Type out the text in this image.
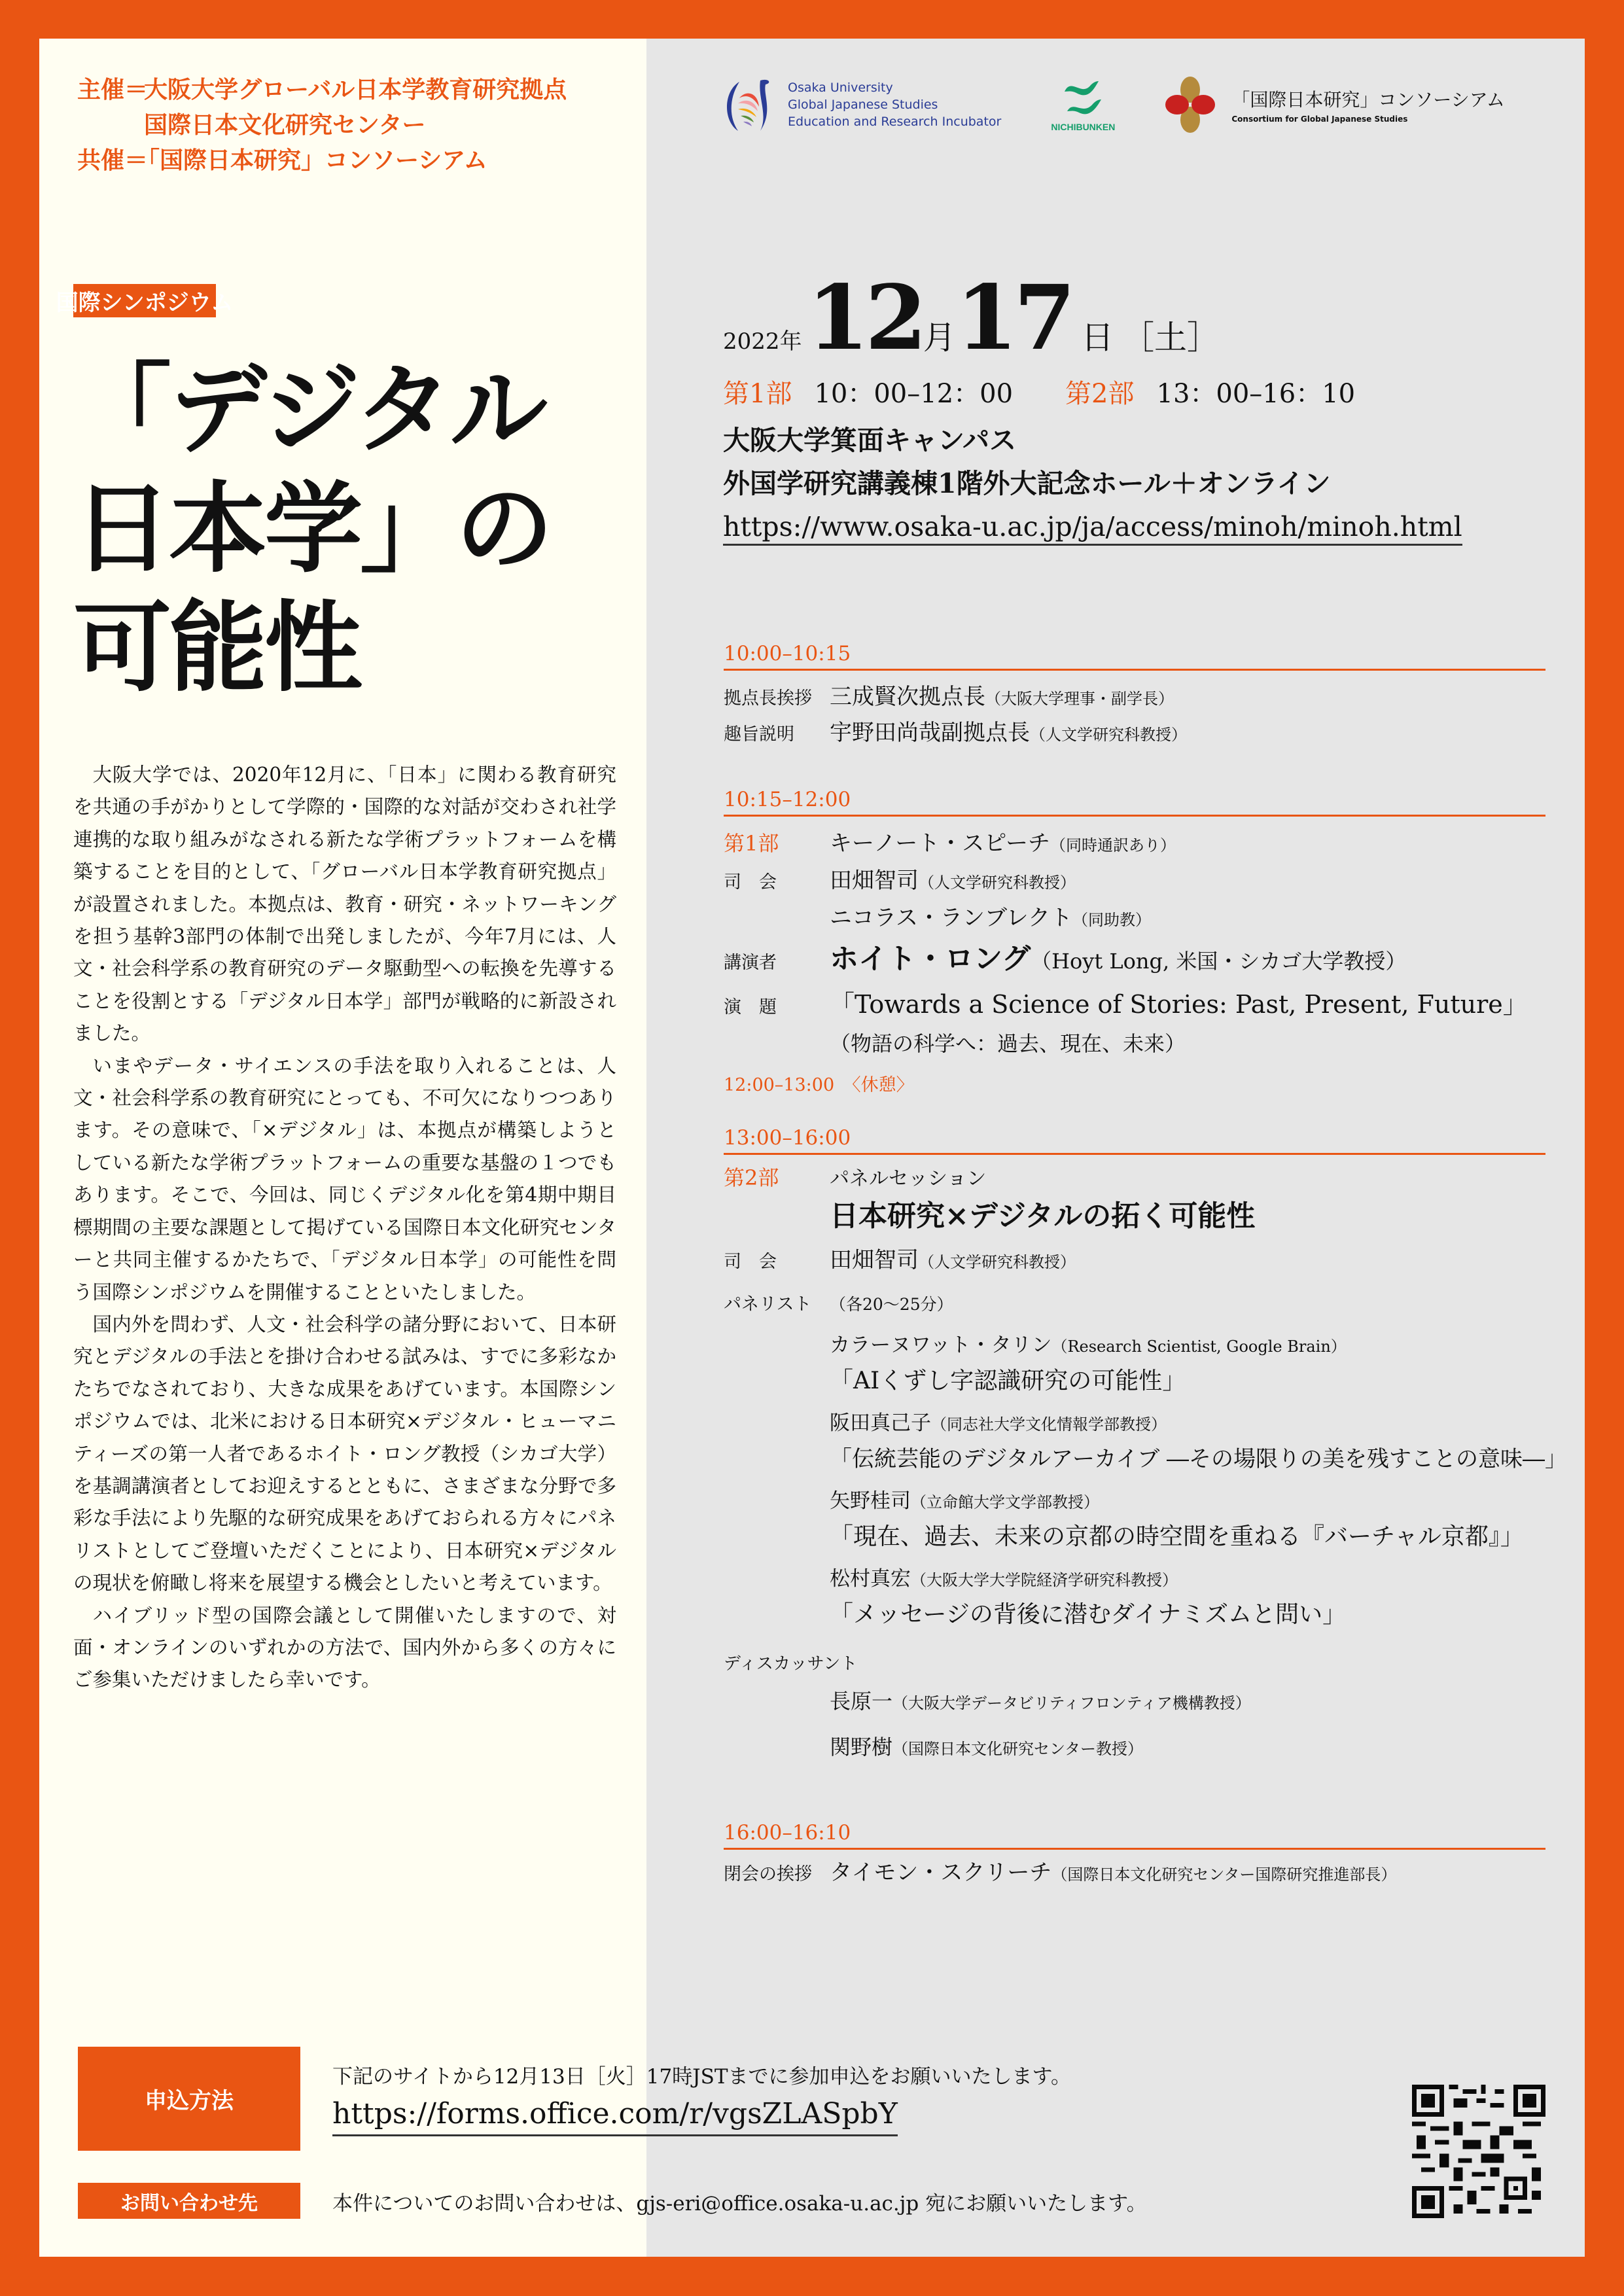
主催＝
大阪大学グローバル日本学教育研究拠点
国際日本文化研究センター
共催＝
「国際日本研究」コンソーシアム
Osaka University
Global Japanese Studies
Education and Research Incubator	NICHIBUNKEN
「国際日本研究」コンソーシアム
Consortium for Global Japanese Studies
国際シンポジウム
「デジタル
日本学」の
可能性

大阪大学では、2020年12月に、「日本」に関わる教育研究を共通の手がかりとして学際的・国際的な対話が交わされ社学連携的な取り組みがなされる新たな学術プラットフォームを構築することを目的として、「グローバル日本学教育研究拠点」が設置されました。本拠点は、教育・研究・ネットワーキングを担う基幹3部門の体制で出発しましたが、今年7月には、人文・社会科学系の教育研究のデータ駆動型への転換を先導することを役割とする「デジタル日本学」部門が戦略的に新設されました。

いまやデータ・サイエンスの手法を取り入れることは、人文・社会科学系の教育研究にとっても、不可欠になりつつあります。その意味で、「×デジタル」は、本拠点が構築しようとしている新たな学術プラットフォームの重要な基盤の１つでもあります。そこで、今回は、同じくデジタル化を第4期中期目標期間の主要な課題として掲げている国際日本文化研究センターと共同主催するかたちで、「デジタル日本学」の可能性を問う国際シンポジウムを開催することといたしました。

国内外を問わず、人文・社会科学の諸分野において、日本研究とデジタルの手法とを掛け合わせる試みは、すでに多彩なかたちでなされており、大きな成果をあげています。本国際シンポジウムでは、北米における日本研究×デジタル・ヒューマニティーズの第一人者であるホイト・ロング教授（シカゴ大学）を基調講演者としてお迎えするとともに、さまざまな分野で多彩な手法により先駆的な研究成果をあげておられる方々にパネリストとしてご登壇いただくことにより、日本研究×デジタルの現状を俯瞰し将来を展望する機会としたいと考えています。

ハイブリッド型の国際会議として開催いたしますので、対面・オンラインのいずれかの方法で、国内外から多くの方々にご参集いただけましたら幸いです。

2022年 12 月 17 日 ［土］
第1部 10：00–12：00 第2部 13：00–16：10
大阪大学箕面キャンパス
外国学研究講義棟1階外大記念ホール＋オンライン
https://www.osaka-u.ac.jp/ja/access/minoh/minoh.html
10:00–10:15
拠点長挨拶 三成賢次拠点長 （大阪大学理事・副学長）
趣旨説明	宇野田尚哉副拠点長 （人文学研究科教授）
10:15–12:00
第1部	キーノート・スピーチ （同時通訳あり）
司　会	田畑智司 （人文学研究科教授）
ニコラス・ランブレクト （同助教）
講演者	ホイト・ロング （Hoyt Long, 米国・シカゴ大学教授）
演　題	「Towards a Science of Stories: Past, Present, Future」
（物語の科学へ：過去、現在、未来）
12:00–13:00　〈休憩〉
13:00–16:00
第2部	パネルセッション
日本研究×デジタルの拓く可能性
司　会	田畑智司 （人文学研究科教授）
パネリスト	（各20〜25分）
カラーヌワット・タリン（Research Scientist, Google Brain）
「AIくずし字認識研究の可能性」
阪田真己子（同志社大学文化情報学部教授）
「伝統芸能のデジタルアーカイブ ―その場限りの美を残すことの意味―」
矢野桂司（立命館大学文学部教授）
「現在、過去、未来の京都の時空間を重ねる『バーチャル京都』」
松村真宏（大阪大学大学院経済学研究科教授）
「メッセージの背後に潜むダイナミズムと問い」
ディスカッサント
長原一（大阪大学データビリティフロンティア機構教授）
関野樹（国際日本文化研究センター教授）
16:00–16:10
閉会の挨拶 タイモン・スクリーチ （国際日本文化研究センター国際研究推進部長）
申込方法
下記のサイトから12月13日［火］17時JSTまでに参加申込をお願いいたします。
https://forms.office.com/r/vgsZLASpbY
お問い合わせ先	本件についてのお問い合わせは、gjs-eri@office.osaka-u.ac.jp 宛にお願いいたします。
